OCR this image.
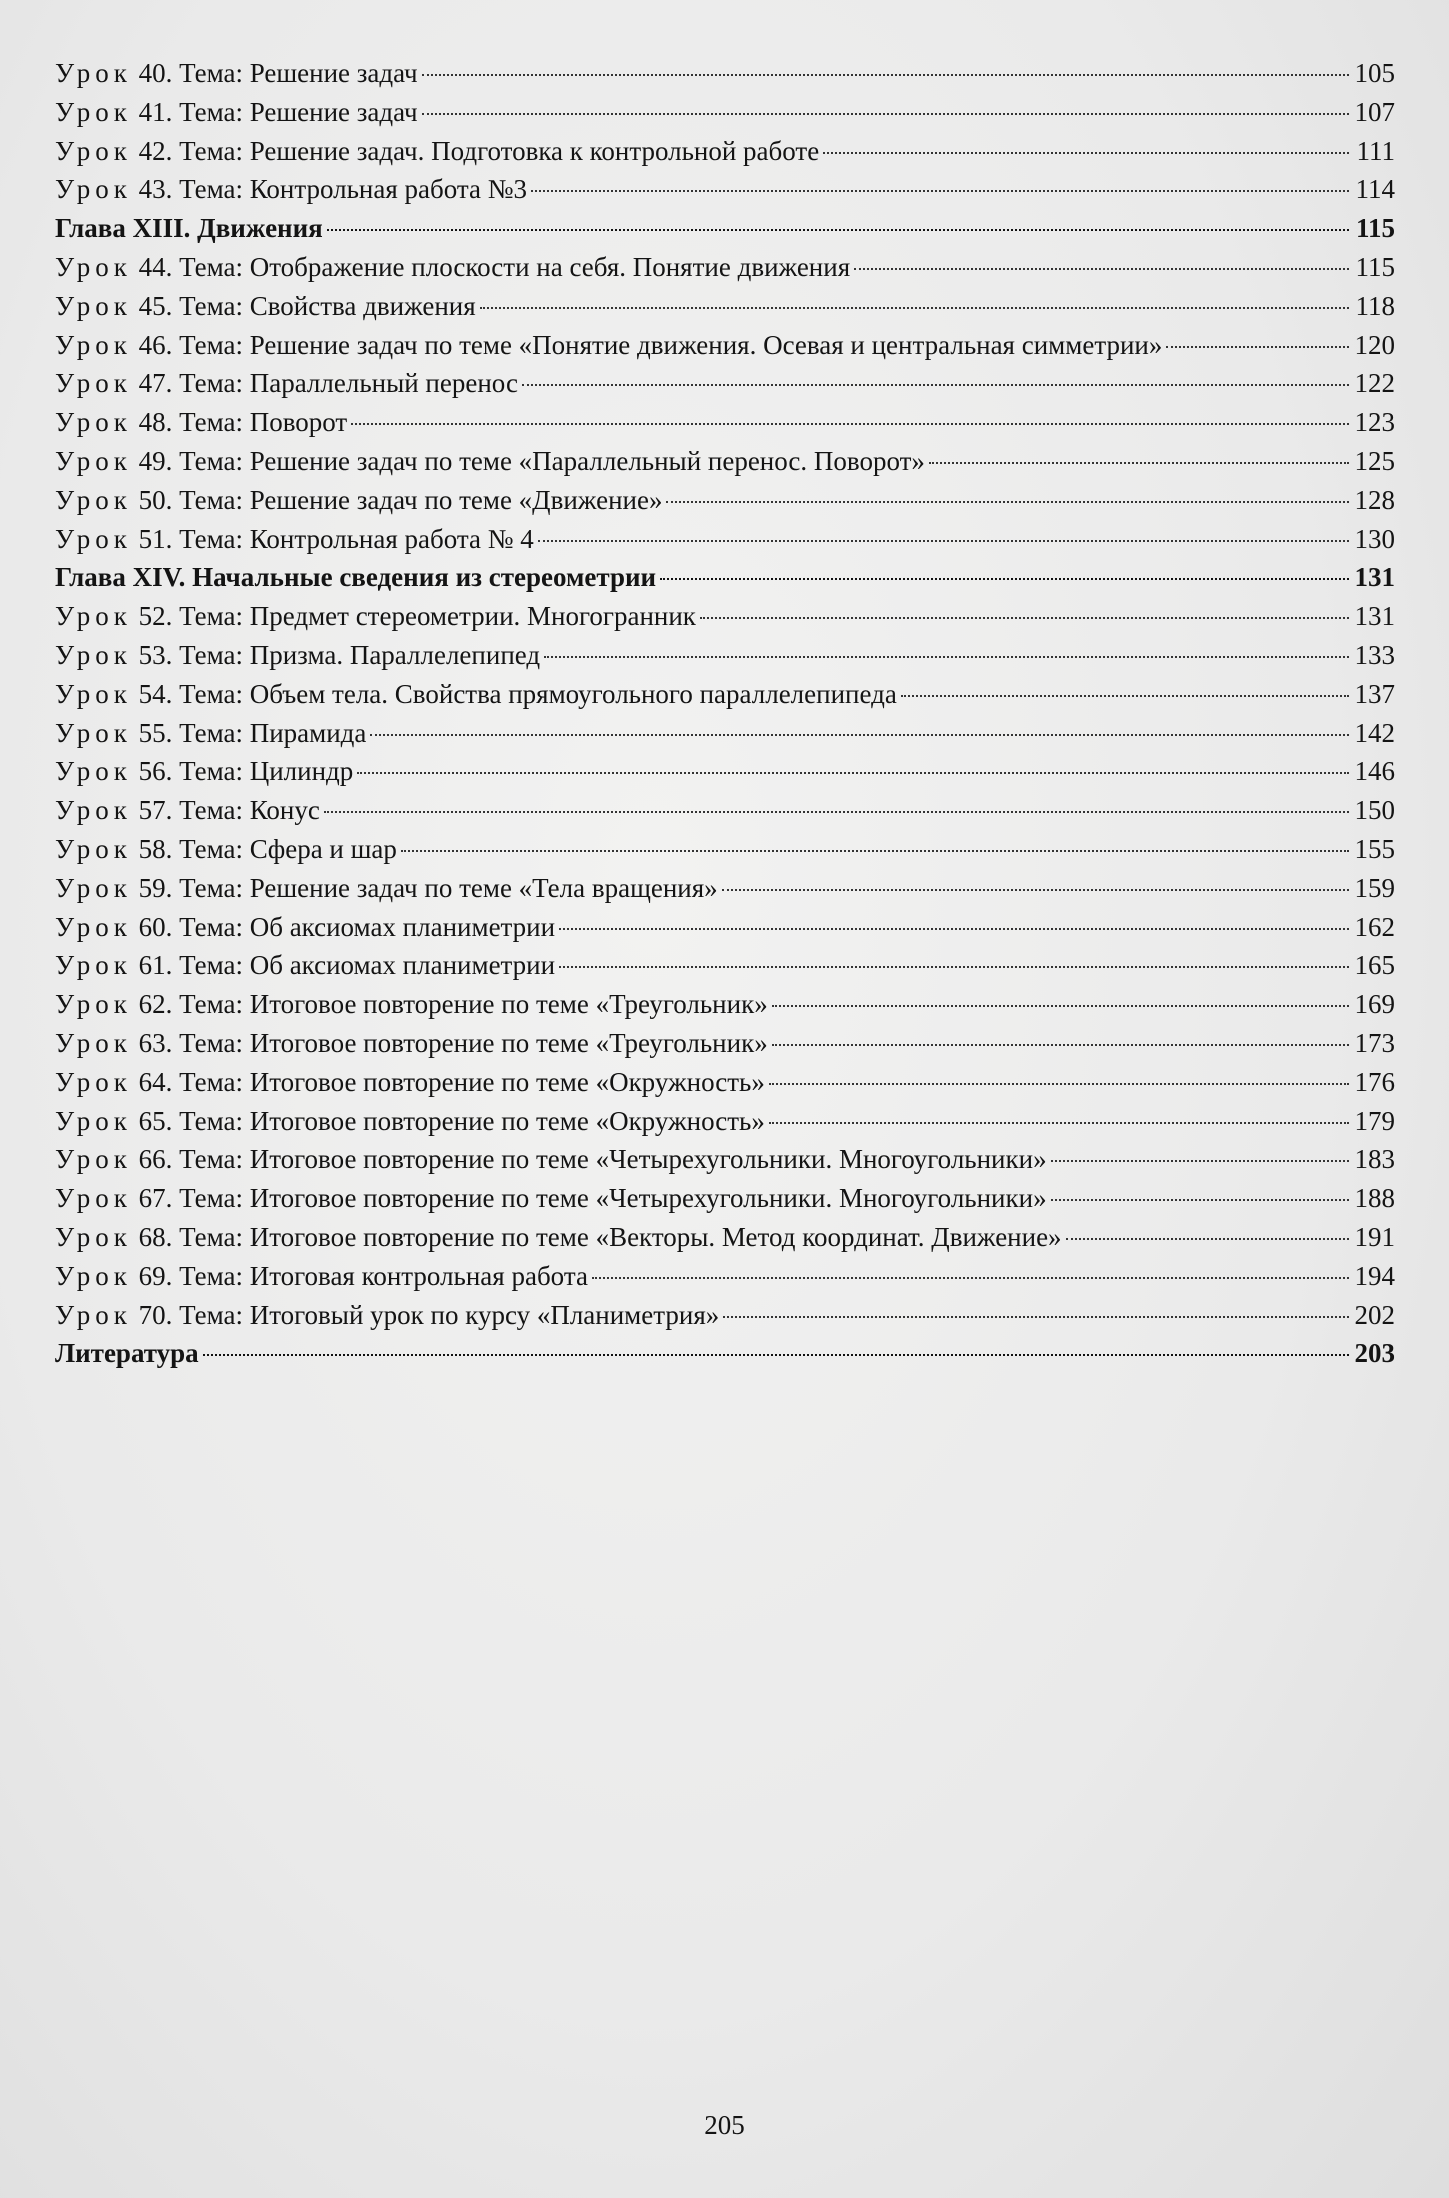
Урок 40. Тема: Решение задач	105
Урок 41. Тема: Решение задач	107
Урок 42. Тема: Решение задач. Подготовка к контрольной работе	111
Урок 43. Тема: Контрольная работа №3	114
Глава XIII. Движения	115
Урок 44. Тема: Отображение плоскости на себя. Понятие движения	115
Урок 45. Тема: Свойства движения	118
Урок 46. Тема: Решение задач по теме «Понятие движения. Осевая и центральная симметрии»	120
Урок 47. Тема: Параллельный перенос	122
Урок 48. Тема: Поворот	123
Урок 49. Тема: Решение задач по теме «Параллельный перенос. Поворот»	125
Урок 50. Тема: Решение задач по теме «Движение»	128
Урок 51. Тема: Контрольная работа № 4	130
Глава XIV. Начальные сведения из стереометрии	131
Урок 52. Тема: Предмет стереометрии. Многогранник	131
Урок 53. Тема: Призма. Параллелепипед	133
Урок 54. Тема: Объем тела. Свойства прямоугольного параллелепипеда	137
Урок 55. Тема: Пирамида	142
Урок 56. Тема: Цилиндр	146
Урок 57. Тема: Конус	150
Урок 58. Тема: Сфера и шар	155
Урок 59. Тема: Решение задач по теме «Тела вращения»	159
Урок 60. Тема: Об аксиомах планиметрии	162
Урок 61. Тема: Об аксиомах планиметрии	165
Урок 62. Тема: Итоговое повторение по теме «Треугольник»	169
Урок 63. Тема: Итоговое повторение по теме «Треугольник»	173
Урок 64. Тема: Итоговое повторение по теме «Окружность»	176
Урок 65. Тема: Итоговое повторение по теме «Окружность»	179
Урок 66. Тема: Итоговое повторение по теме «Четырехугольники. Многоугольники»	183
Урок 67. Тема: Итоговое повторение по теме «Четырехугольники. Многоугольники»	188
Урок 68. Тема: Итоговое повторение по теме «Векторы. Метод координат. Движение»	191
Урок 69. Тема: Итоговая контрольная работа	194
Урок 70. Тема: Итоговый урок по курсу «Планиметрия»	202
Литература	203
205
